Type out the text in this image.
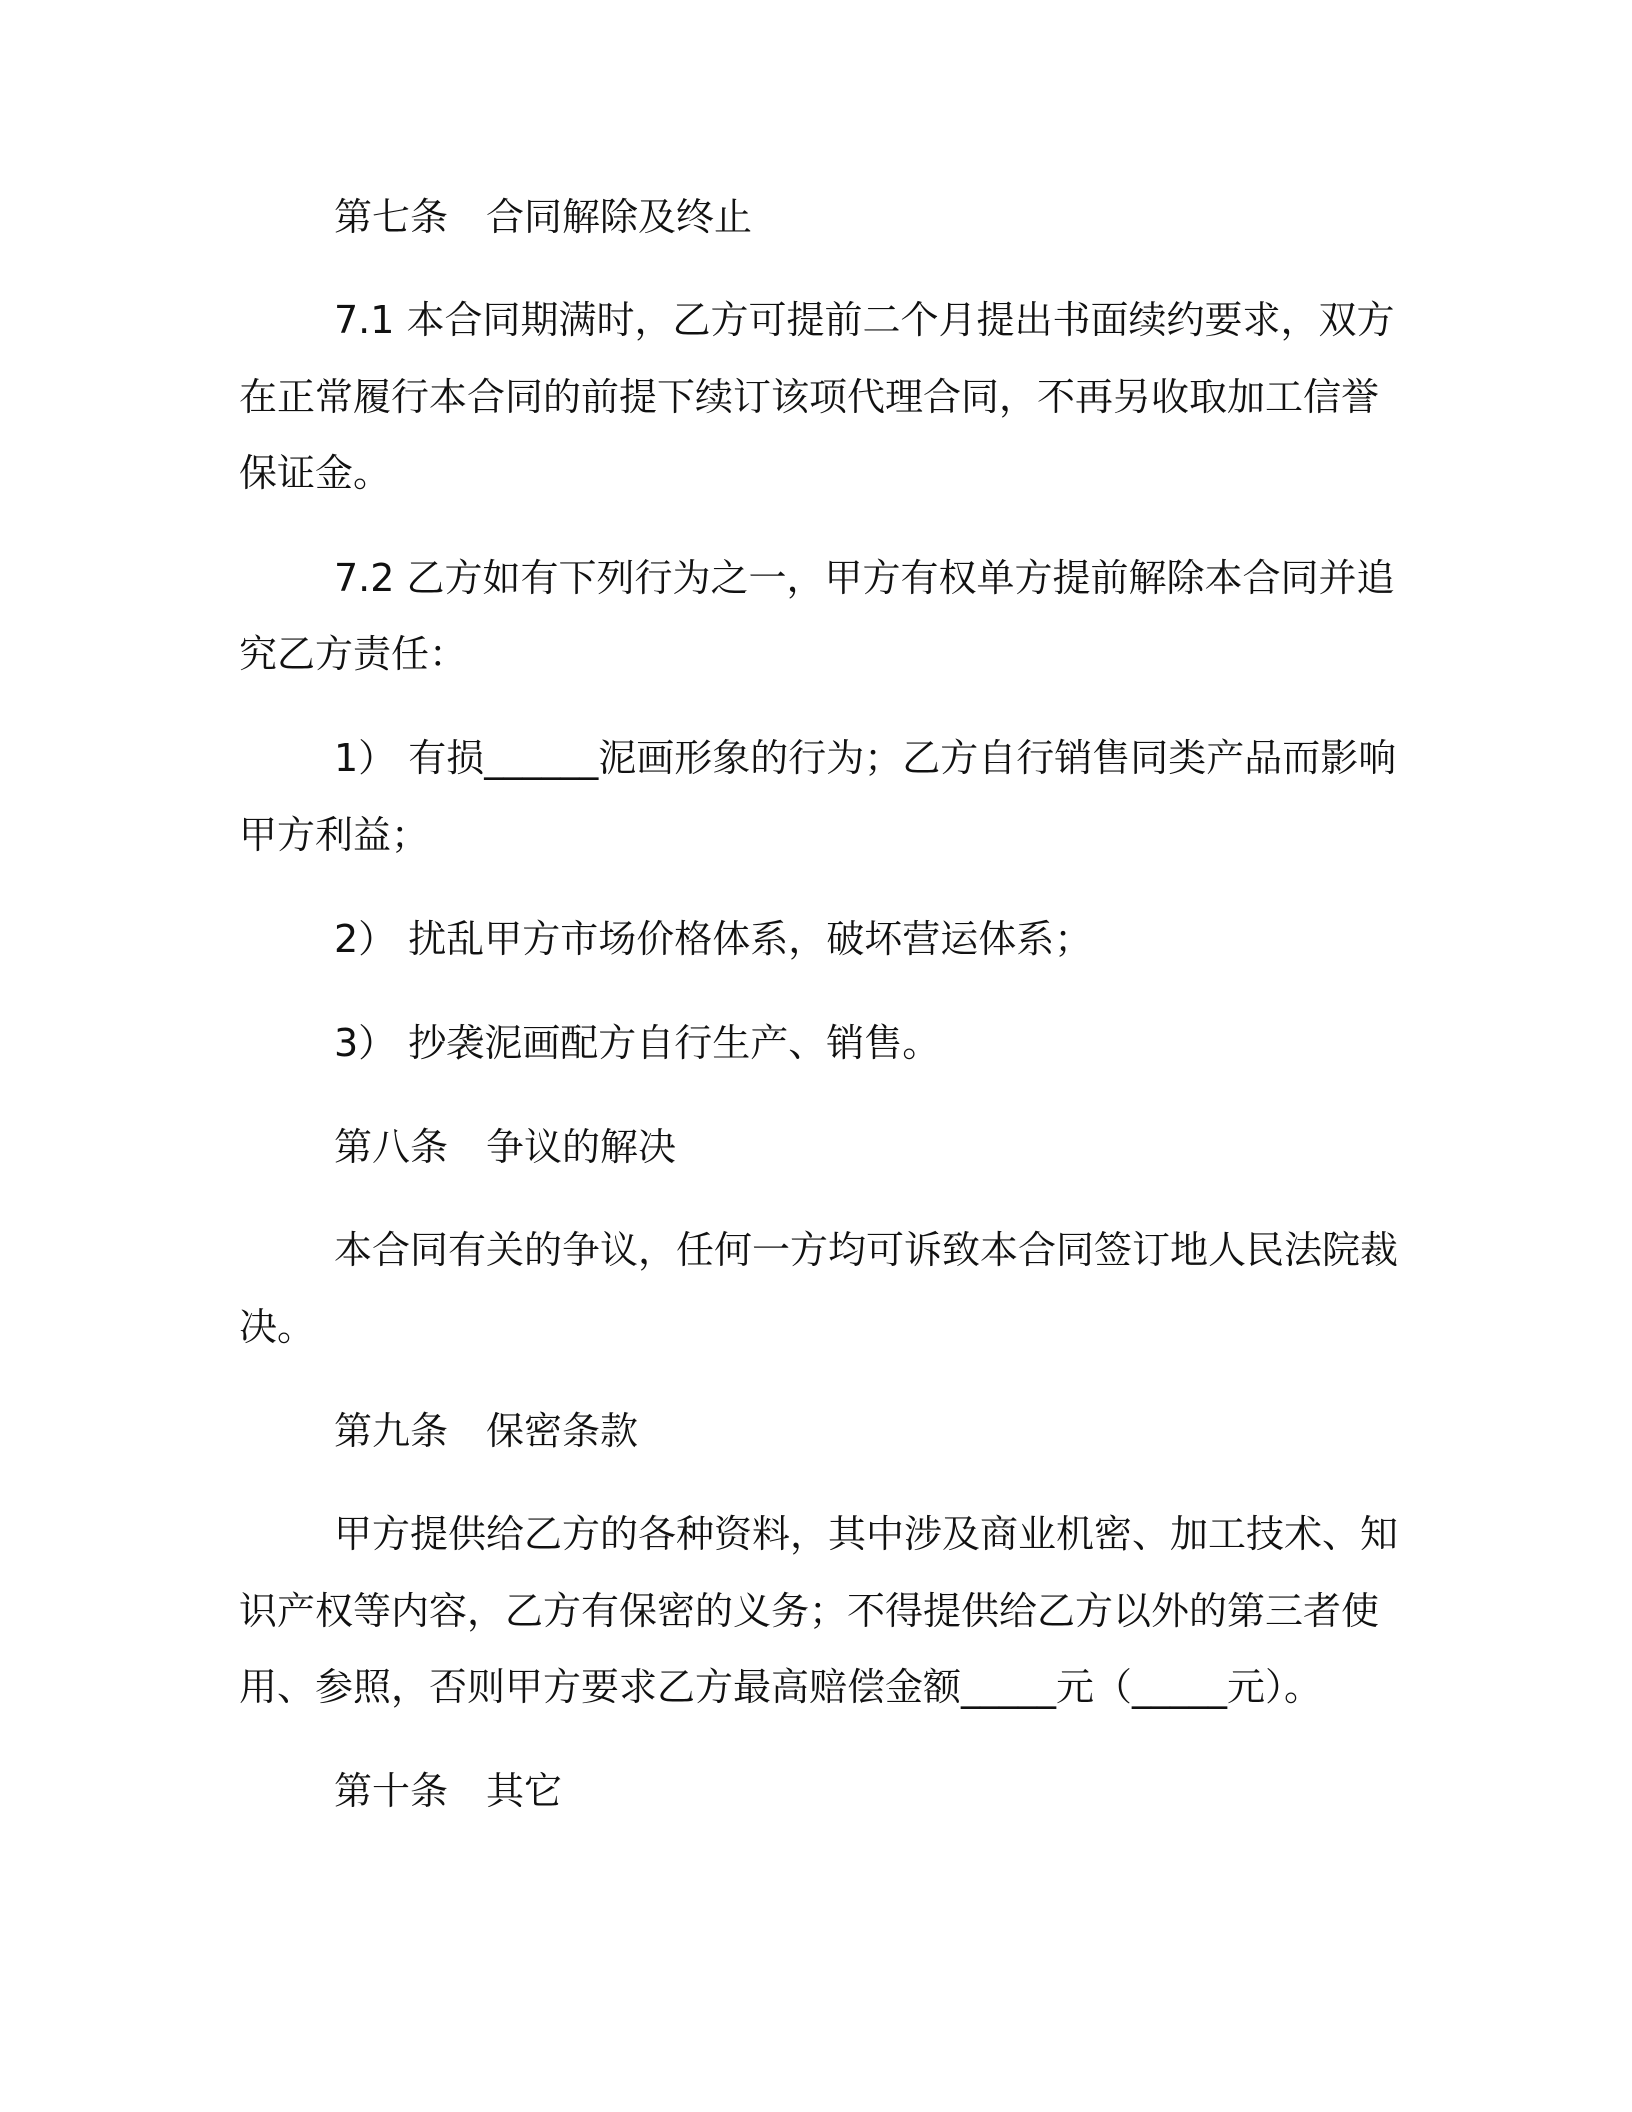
第七条 合同解除及终止
7.1 本合同期满时，乙方可提前二个月提出书面续约要求，双方
在正常履行本合同的前提下续订该项代理合同，不再另收取加工信誉
保证金。
7.2 乙方如有下列行为之一，甲方有权单方提前解除本合同并追
究乙方责任：
1） 有损______泥画形象的行为；乙方自行销售同类产品而影响
甲方利益；
2） 扰乱甲方市场价格体系，破坏营运体系；
3） 抄袭泥画配方自行生产、销售。
第八条 争议的解决
本合同有关的争议，任何一方均可诉致本合同签订地人民法院裁
决。
第九条 保密条款
甲方提供给乙方的各种资料，其中涉及商业机密、加工技术、知
识产权等内容，乙方有保密的义务；不得提供给乙方以外的第三者使
用、参照，否则甲方要求乙方最高赔偿金额_____元（_____元）。
第十条 其它
